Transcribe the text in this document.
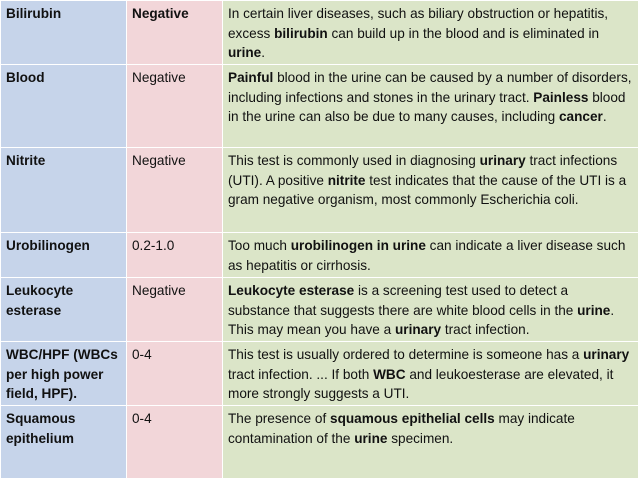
Bilirubin	Negative	In certain liver diseases, such as biliary obstruction or hepatitis, excess bilirubin can build up in the blood and is eliminated in urine.
Blood	Negative	Painful blood in the urine can be caused by a number of disorders, including infections and stones in the urinary tract. Painless blood in the urine can also be due to many causes, including cancer.
Nitrite	Negative	This test is commonly used in diagnosing urinary tract infections (UTI). A positive nitrite test indicates that the cause of the UTI is a gram negative organism, most commonly Escherichia coli.
Urobilinogen	0.2-1.0	Too much urobilinogen in urine can indicate a liver disease such as hepatitis or cirrhosis.
Leukocyte esterase	Negative	Leukocyte esterase is a screening test used to detect a substance that suggests there are white blood cells in the urine. This may mean you have a urinary tract infection.
WBC/HPF (WBCs per high power field, HPF).	0-4	This test is usually ordered to determine is someone has a urinary tract infection. ... If both WBC and leukoesterase are elevated, it more strongly suggests a UTI.
Squamous epithelium	0-4	The presence of squamous epithelial cells may indicate contamination of the urine specimen.
